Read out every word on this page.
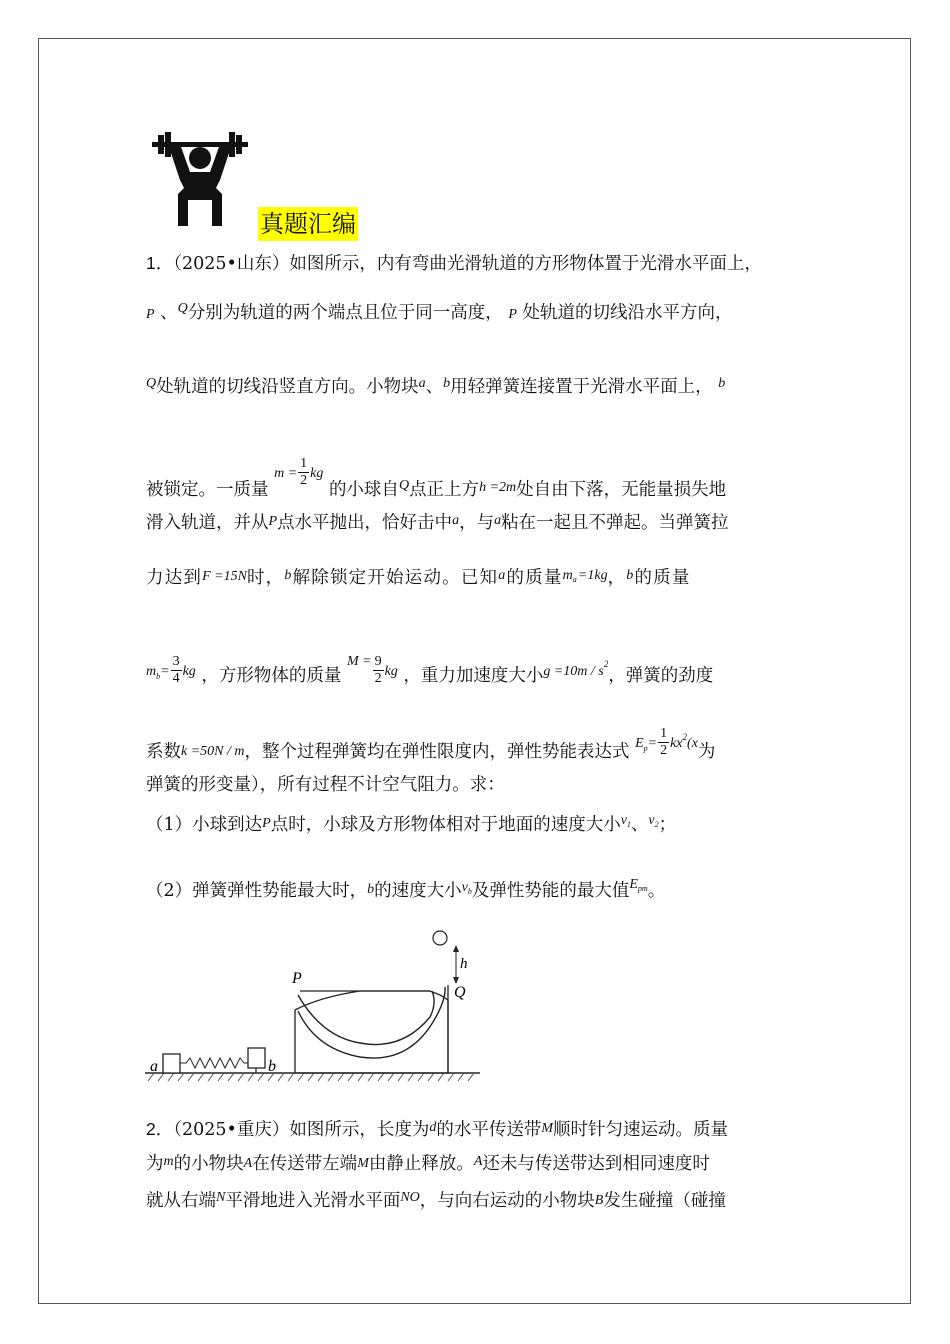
真题汇编
1．（2025•山东）如图所示，内有弯曲光滑轨道的方形物体置于光滑水平面上，
P 、$^Q$分别为轨道的两个端点且位于同一高度， P 处轨道的切线沿水平方向，
$^Q$处轨道的切线沿竖直方向。小物块$^a$、$^b$用轻弹簧连接置于光滑水平面上， $^b$
被锁定。一质量 $^{m =} \frac{1}{2} ^{kg}$ 的小球自$^Q$点正上方$^{h =2m}$处自由下落，无能量损失地
滑入轨道，并从P点水平抛出，恰好击中$^a$，与$^a$粘在一起且不弹起。当弹簧拉
力达到F =15N时，$^b$解除锁定开始运动。已知$^a$的质量$^ma^{=1kg}$，$^b$的质量
$^mb^= \frac{3}{4} ^{kg}$ ，方形物体的质量 $^{M =} \frac{9}{2} ^{kg}$ ，重力加速度大小$^{g =10m / s2}$，弹簧的劲度
系数k =50N / m，整个过程弹簧均在弹性限度内，弹性势能表达式 $^{Ep=} \frac{1}{2} ^{kx2(x}$为
弹簧的形变量），所有过程不计空气阻力。求：
（1）小球到达P点时，小球及方形物体相对于地面的速度大小$^v$1、$^v$2；
（2）弹簧弹性势能最大时，b的速度大小$^v$b及弹性势能的最大值$^{Epm}$。
P
Q
h
a	b
2．（2025•重庆）如图所示，长度为$^d$的水平传送带M顺时针匀速运动。质量
为$^m$的小物块A在传送带左端M由静止释放。$^A$还未与传送带达到相同速度时
就从右端$^N$平滑地进入光滑水平面$^{NO}$，与向右运动的小物块B发生碰撞（碰撞
